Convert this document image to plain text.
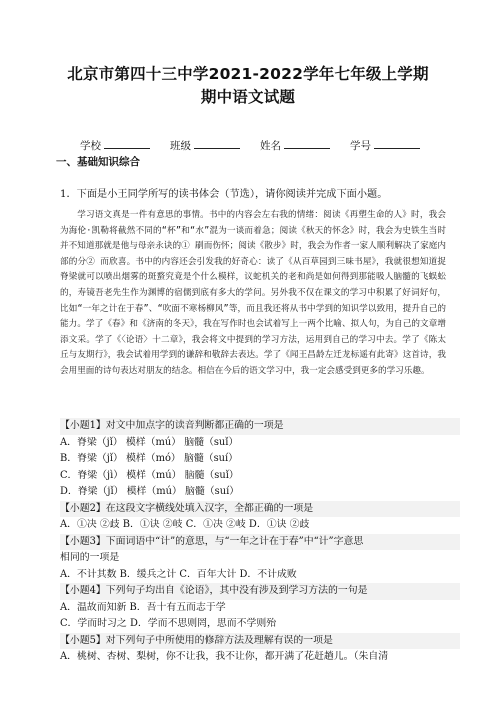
北京市第四十三中学2021-2022学年七年级上学期
期中语文试题
学校	班级	姓名	学号
一、基础知识综合
1．下面是小王同学所写的读书体会（节选），请你阅读并完成下面小题。

学习语文真是一件有意思的事情。书中的内容会左右我的情绪：阅读《再塑生命的人》时，我会为海伦·凯勒将截然不同的“杯”和“水”混为一谈而着急；阅读《秋天的怀念》时，我会为史铁生当时并不知道那就是他与母亲永诀的① 刷而伤怀；阅读《散步》时，我会为作者一家人顺利解决了家庭内部的分② 而欣喜。书中的内容还会引发我的好奇心：读了《从百草园到三味书屋》，我就很想知道捉脊梁就可以喷出烟雾的斑蝥究竟是个什么模样，议蛇机关的老和尚是如何得到那能吸人脑髓的飞蜈蚣的，寿镜吾老先生作为渊博的宿儒到底有多大的学问。另外我不仅在课文的学习中积累了好词好句，比如“一年之计在于春”、“吹面不寒杨柳风”等，而且我还将从书中学到的知识学以致用，提升自己的能力。学了《春》和《济南的冬天》，我在写作时也会试着写上一两个比喻、拟人句，为自己的文章增添文采。学了《〈论语〉十二章》，我会将文中提到的学习方法，运用到自己的学习中去。学了《陈太丘与友期行》，我会试着用学到的谦辞和敬辞去表达。学了《闻王昌龄左迁龙标遥有此寄》这首诗，我会用里面的诗句表达对朋友的结念。相信在今后的语文学习中，我一定会感受到更多的学习乐趣。

【小题1】对文中加点字的读音判断都正确的一项是
A．脊梁（jǐ） 模样（mú） 脑髓（suǐ）
B．脊梁（jǐ） 模样（mó） 脑髓（suí）
C．脊梁（jì） 模样（mú） 脑髓（suǐ）
D．脊梁（jǐ） 模样（mú） 脑髓（suí）
【小题2】在这段文字横线处填入汉字，全都正确的一项是
A．①决 ②歧 B．①诀 ②岐 C．①决 ②岐 D．①诀 ②歧
【小题3】下面词语中“计”的意思，与“一年之计在于春”中“计”字意思
相同的一项是
A．不计其数 B．缓兵之计 C．百年大计 D．不计成败
【小题4】下列句子均出自《论语》，其中没有涉及到学习方法的一句是
A．温故而知新 B．吾十有五而志于学
C．学而时习之 D．学而不思则罔，思而不学则殆
【小题5】对下列句子中所使用的修辞方法及理解有误的一项是
A．桃树、杏树、梨树，你不让我，我不让你，都开满了花赶趟儿。（朱自清
